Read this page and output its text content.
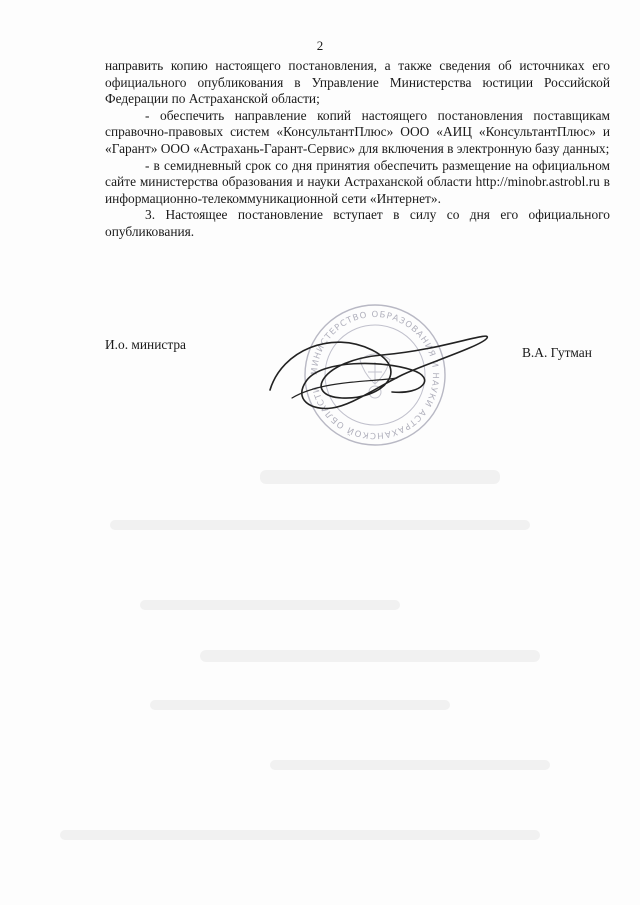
2

направить копию настоящего постановления, а также сведения об источниках его официального опубликования в Управление Министерства юстиции Российской Федерации по Астраханской области;

- обеспечить направление копий настоящего постановления поставщикам справочно-правовых систем «КонсультантПлюс» ООО «АИЦ «КонсультантПлюс» и «Гарант» ООО «Астрахань-Гарант-Сервис» для включения в электронную базу данных;

- в семидневный срок со дня принятия обеспечить размещение на официальном сайте министерства образования и науки Астраханской области http://minobr.astrobl.ru в информационно-телекоммуникационной сети «Интернет».

3. Настоящее постановление вступает в силу со дня его официального опубликования.

МИНИСТЕРСТВО ОБРАЗОВАНИЯ И НАУКИ АСТРАХАНСКОЙ ОБЛАСТИ
И.о. министра
В.А. Гутман
